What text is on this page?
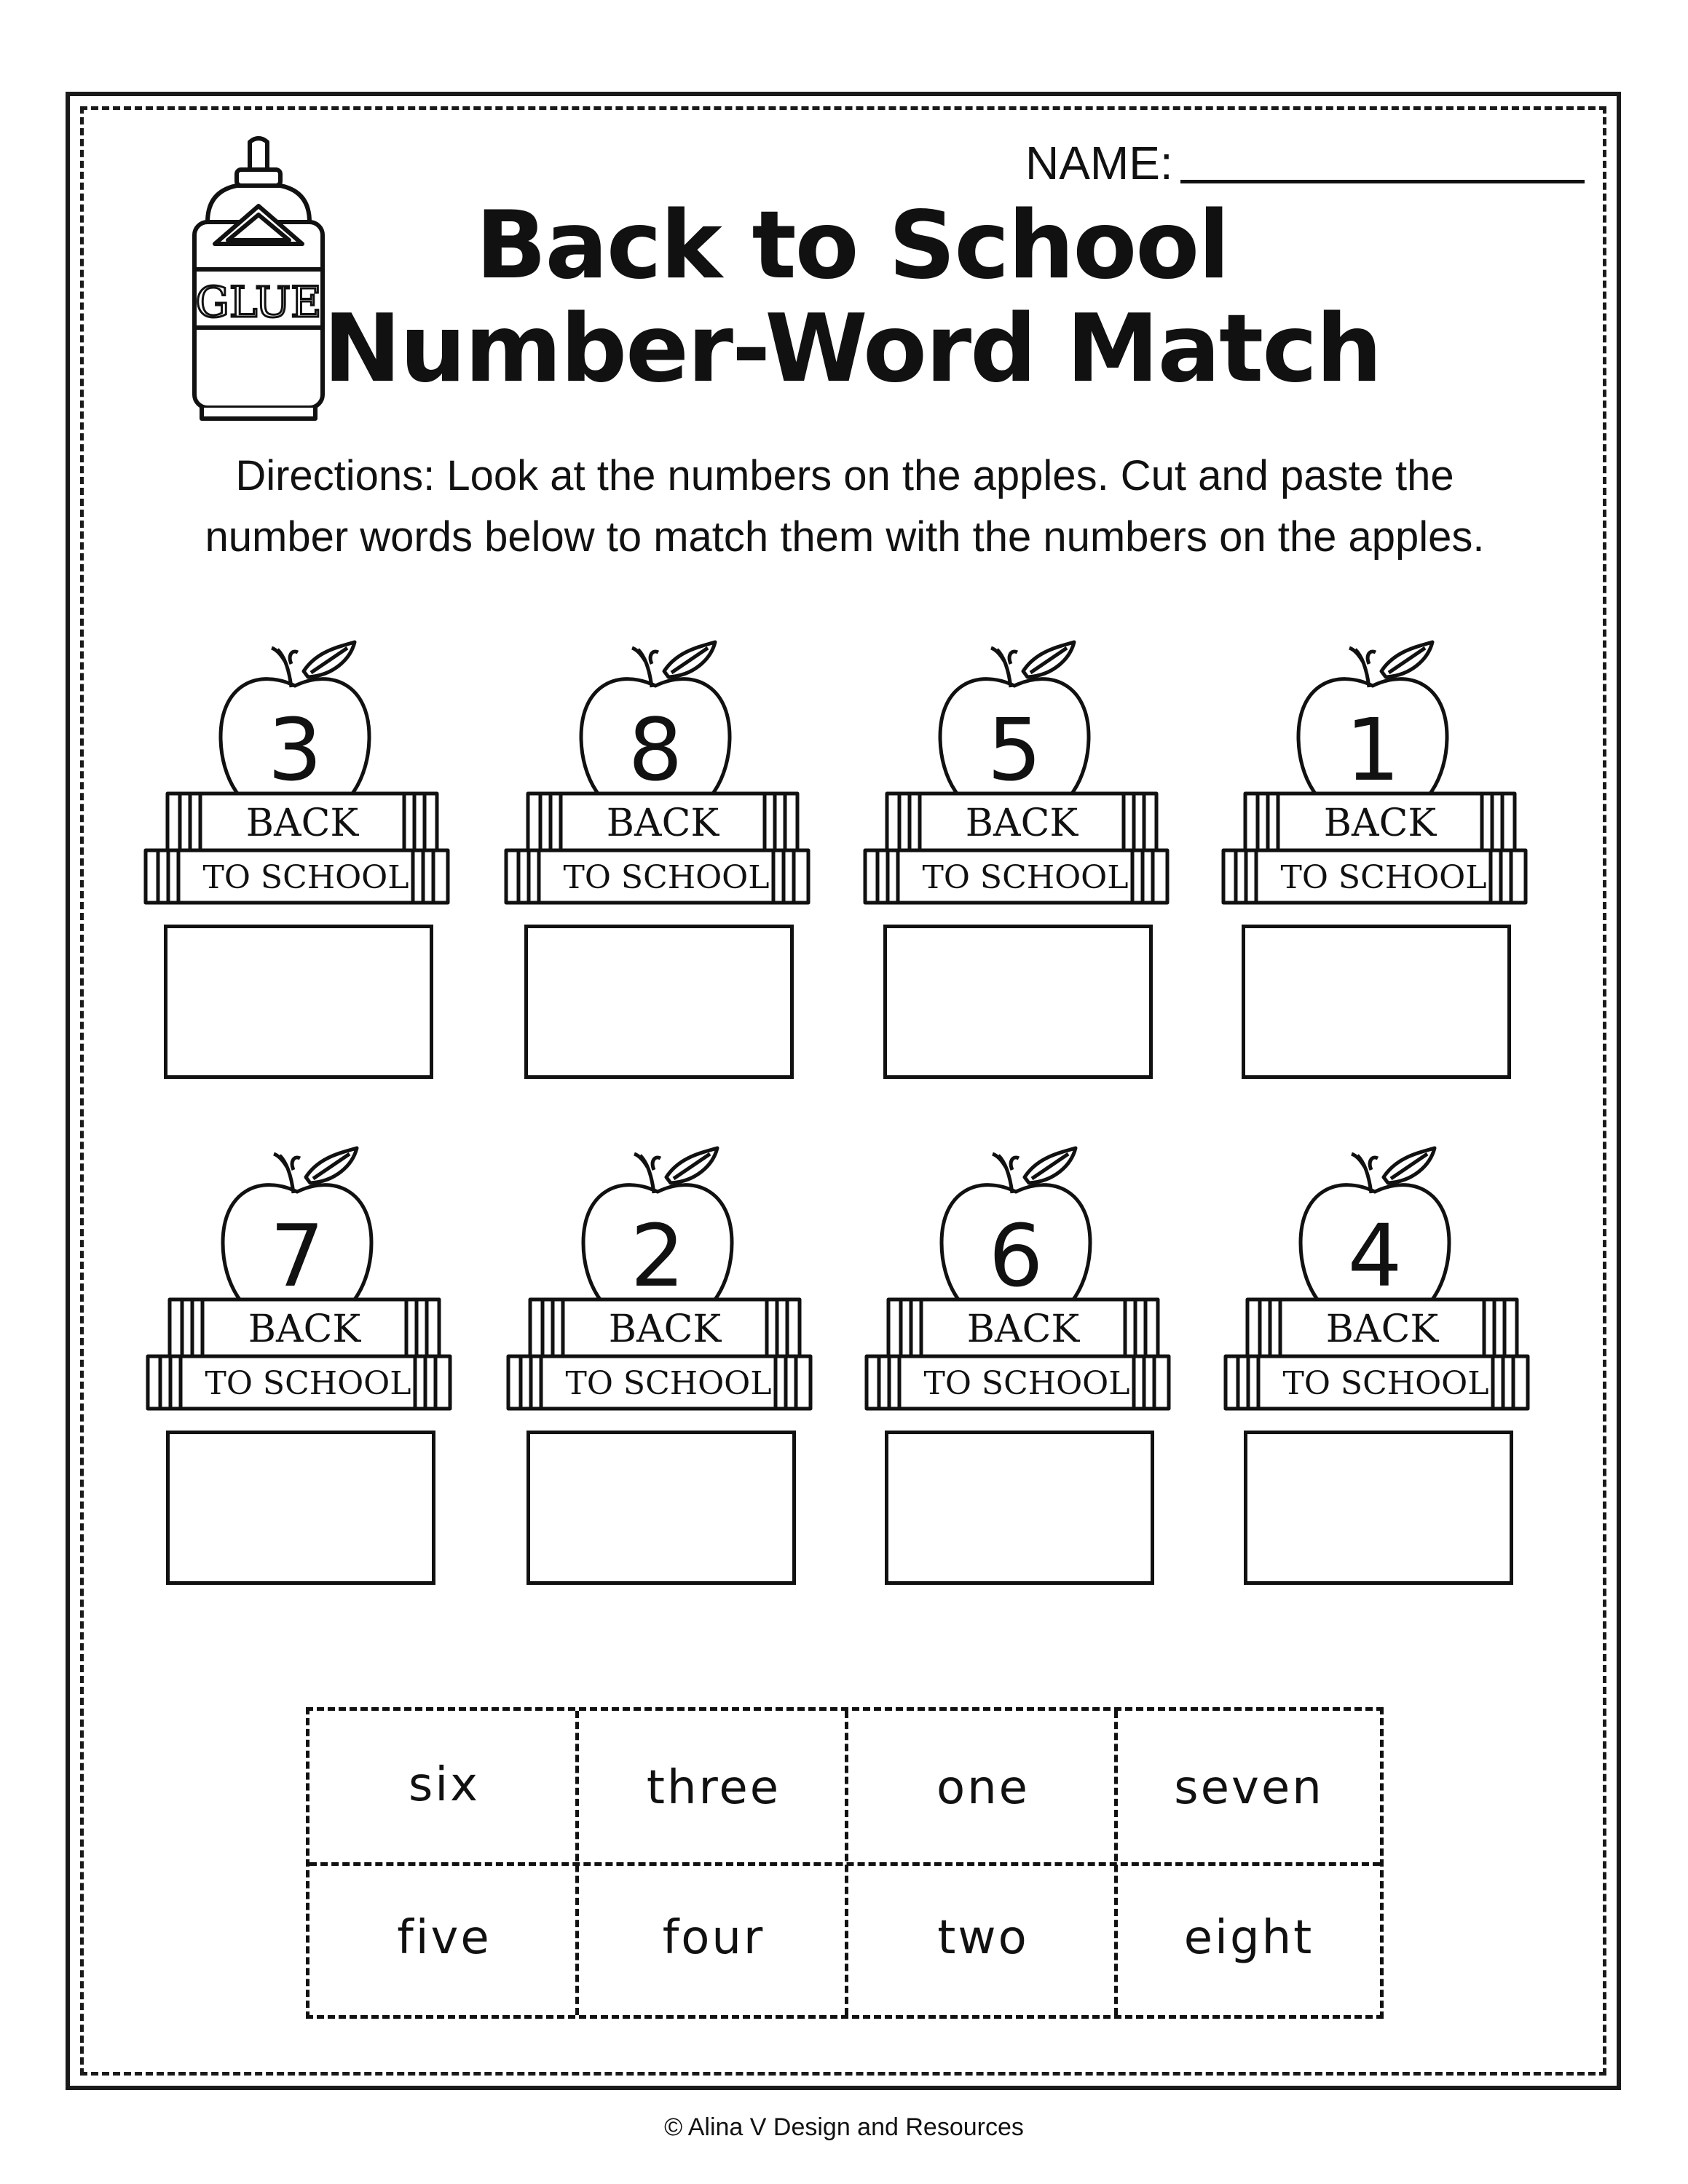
GLUE
NAME:
Back to School
Number-Word Match
Directions: Look at the numbers on the apples. Cut and paste the
number words below to match them with the numbers on the apples.
3
BACK
TO SCHOOL
8
BACK
TO SCHOOL
5
BACK
TO SCHOOL
1
BACK
TO SCHOOL
7
BACK
TO SCHOOL
2
BACK
TO SCHOOL
6
BACK
TO SCHOOL
4
BACK
TO SCHOOL
six	three	one	seven
five	four	two	eight
© Alina V Design and Resources
